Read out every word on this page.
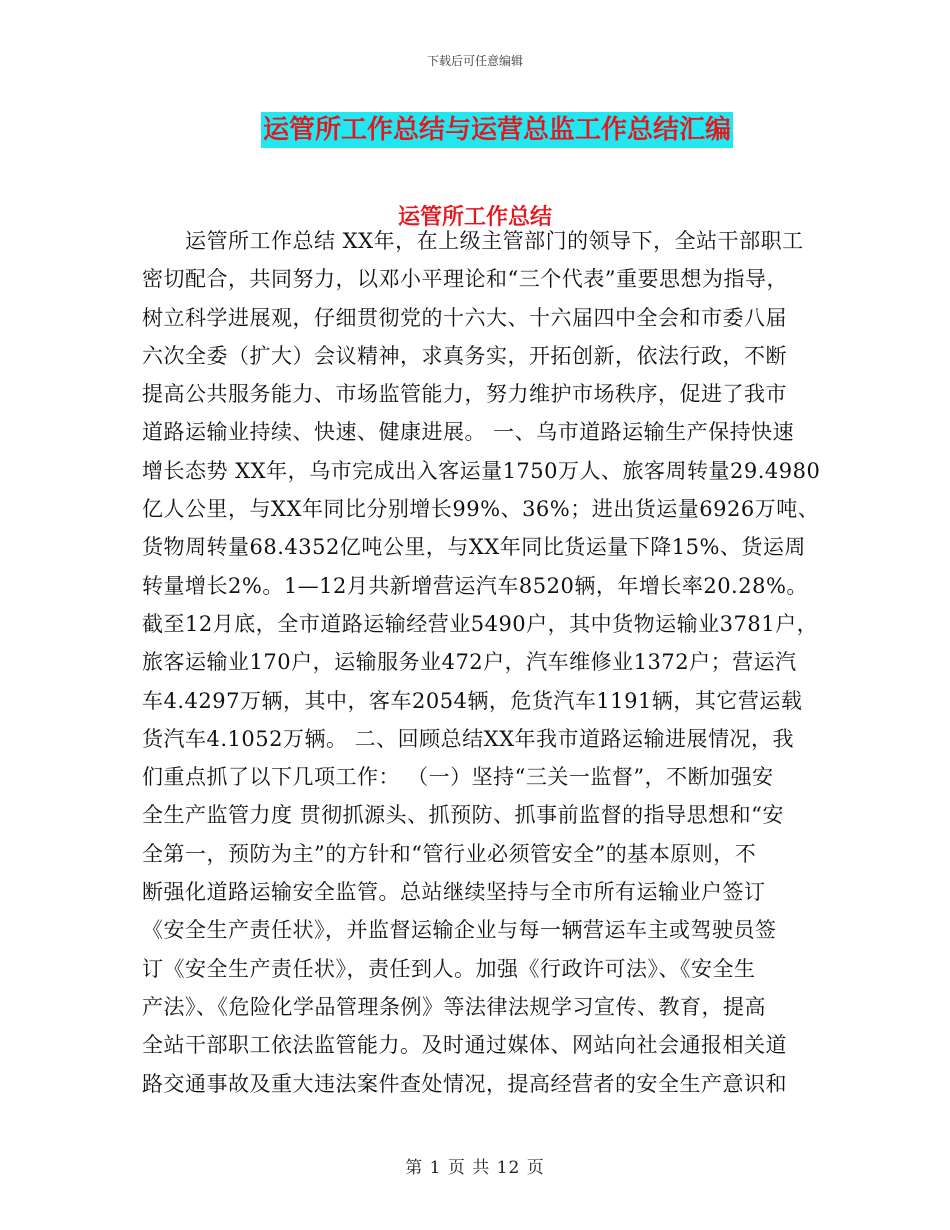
下载后可任意编辑
运管所工作总结与运营总监工作总结汇编
运管所工作总结

　　运管所工作总结 XX年，在上级主管部门的领导下，全站干部职工

密切配合，共同努力，以邓小平理论和“三个代表”重要思想为指导，

树立科学进展观，仔细贯彻党的十六大、十六届四中全会和市委八届

六次全委（扩大）会议精神，求真务实，开拓创新，依法行政，不断

提高公共服务能力、市场监管能力，努力维护市场秩序，促进了我市

道路运输业持续、快速、健康进展。 一、乌市道路运输生产保持快速

增长态势 XX年，乌市完成出入客运量1750万人、旅客周转量29.4980

亿人公里，与XX年同比分别增长99%、36%；进出货运量6926万吨、

货物周转量68.4352亿吨公里，与XX年同比货运量下降15%、货运周

转量增长2%。1—12月共新增营运汽车8520辆，年增长率20.28%。

截至12月底，全市道路运输经营业5490户，其中货物运输业3781户，

旅客运输业170户，运输服务业472户，汽车维修业1372户；营运汽

车4.4297万辆，其中，客车2054辆，危货汽车1191辆，其它营运载

货汽车4.1052万辆。 二、回顾总结XX年我市道路运输进展情况，我

们重点抓了以下几项工作： （一）坚持“三关一监督”，不断加强安

全生产监管力度 贯彻抓源头、抓预防、抓事前监督的指导思想和“安

全第一，预防为主”的方针和“管行业必须管安全”的基本原则，不

断强化道路运输安全监管。总站继续坚持与全市所有运输业户签订

《安全生产责任状》，并监督运输企业与每一辆营运车主或驾驶员签

订《安全生产责任状》，责任到人。加强《行政许可法》、《安全生

产法》、《危险化学品管理条例》等法律法规学习宣传、教育，提高

全站干部职工依法监管能力。及时通过媒体、网站向社会通报相关道

路交通事故及重大违法案件查处情况，提高经营者的安全生产意识和

第 1 页 共 12 页
